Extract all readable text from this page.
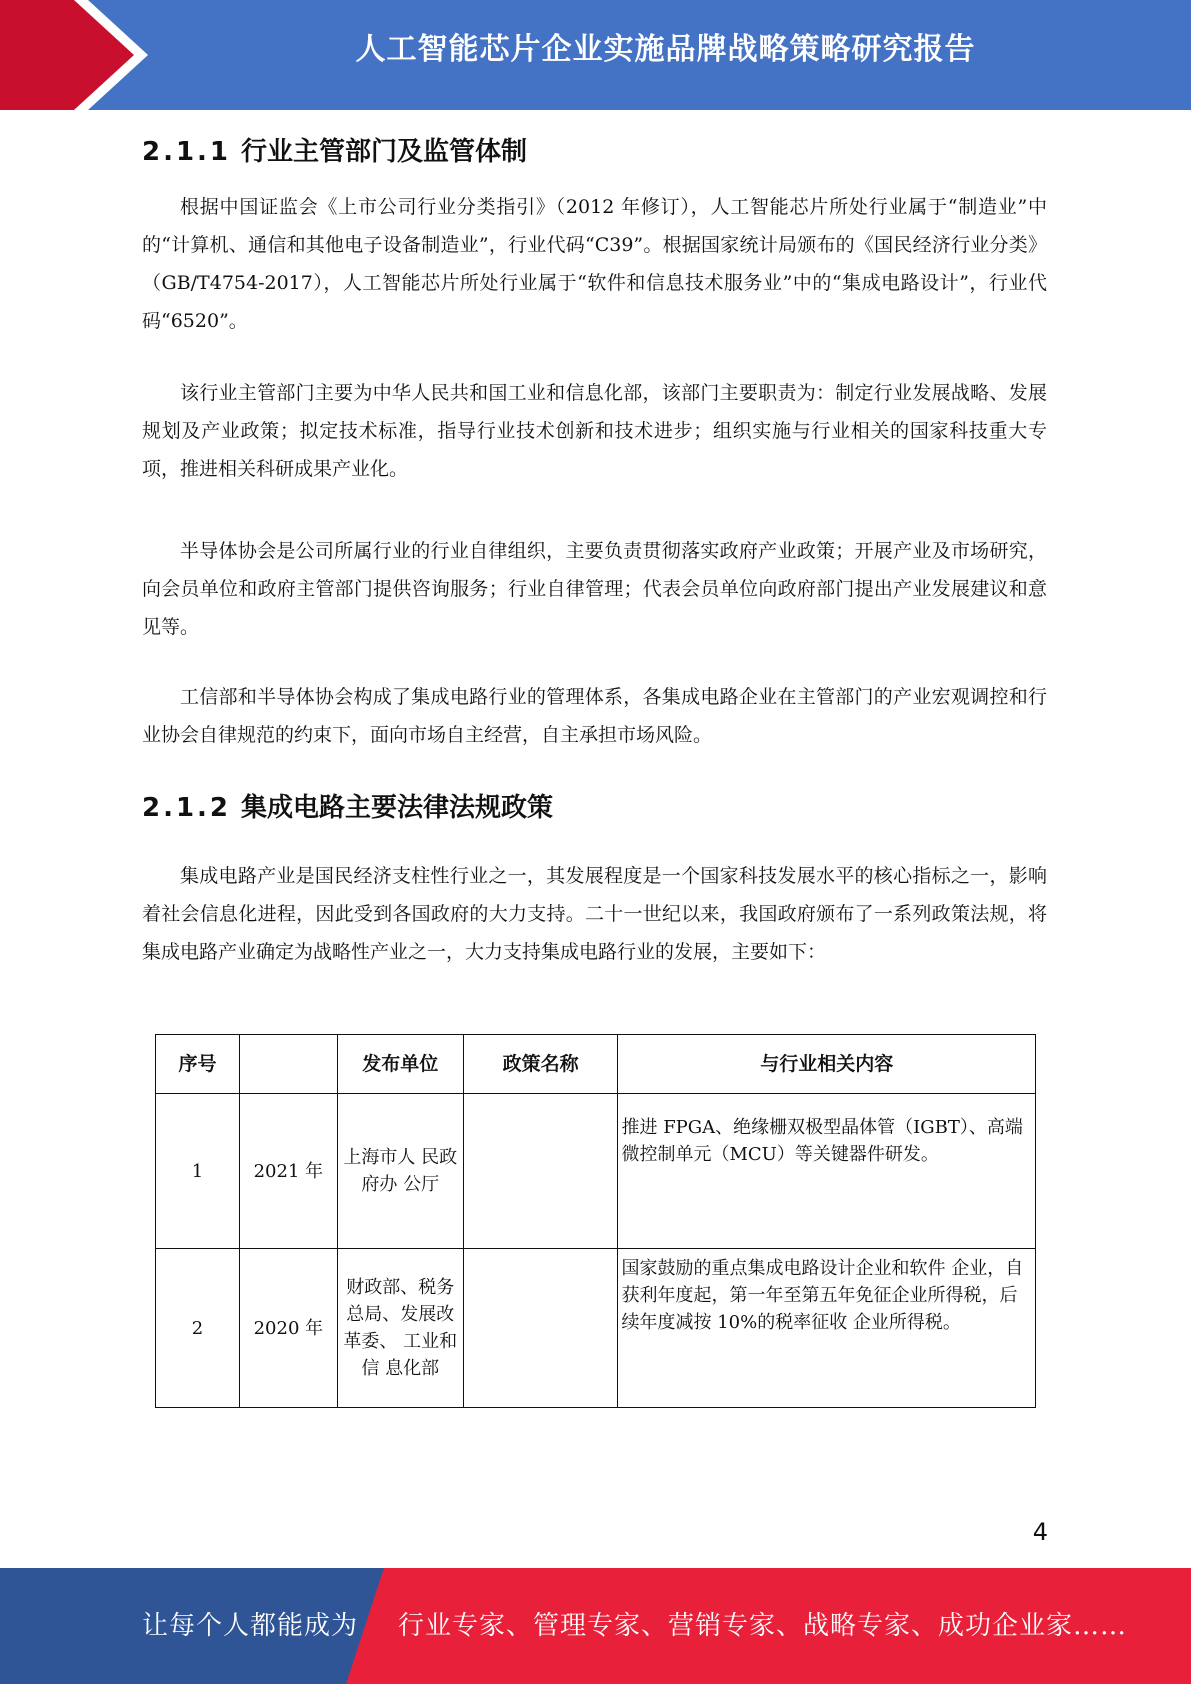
人工智能芯片企业实施品牌战略策略研究报告
2.1.1 行业主管部门及监管体制

根据中国证监会《上市公司行业分类指引》（2012 年修订），人工智能芯片所处行业属于“制造业”中的“计算机、通信和其他电子设备制造业”，行业代码“C39”。根据国家统计局颁布的《国民经济行业分类》（GB/T4754-2017），人工智能芯片所处行业属于“软件和信息技术服务业”中的“集成电路设计”，行业代码“6520”。

该行业主管部门主要为中华人民共和国工业和信息化部，该部门主要职责为：制定行业发展战略、发展规划及产业政策；拟定技术标准，指导行业技术创新和技术进步；组织实施与行业相关的国家科技重大专项，推进相关科研成果产业化。

半导体协会是公司所属行业的行业自律组织，主要负责贯彻落实政府产业政策；开展产业及市场研究，向会员单位和政府主管部门提供咨询服务；行业自律管理；代表会员单位向政府部门提出产业发展建议和意见等。

工信部和半导体协会构成了集成电路行业的管理体系，各集成电路企业在主管部门的产业宏观调控和行业协会自律规范的约束下，面向市场自主经营，自主承担市场风险。

2.1.2 集成电路主要法律法规政策

集成电路产业是国民经济支柱性行业之一，其发展程度是一个国家科技发展水平的核心指标之一，影响着社会信息化进程，因此受到各国政府的大力支持。二十一世纪以来，我国政府颁布了一系列政策法规，将集成电路产业确定为战略性产业之一，大力支持集成电路行业的发展，主要如下：

序号		发布单位	政策名称	与行业相关内容
1	2021 年	上海市人 民政府办 公厅		推进 FPGA、绝缘栅双极型晶体管（IGBT）、高端微控制单元（MCU）等关键器件研发。
2	2020 年	财政部、税务总局、发展改革委、 工业和信 息化部		国家鼓励的重点集成电路设计企业和软件 企业，自获利年度起，第一年至第五年免征企业所得税，后续年度减按 10%的税率征收 企业所得税。
4
让每个人都能成为 行业专家、管理专家、营销专家、战略专家、成功企业家……
